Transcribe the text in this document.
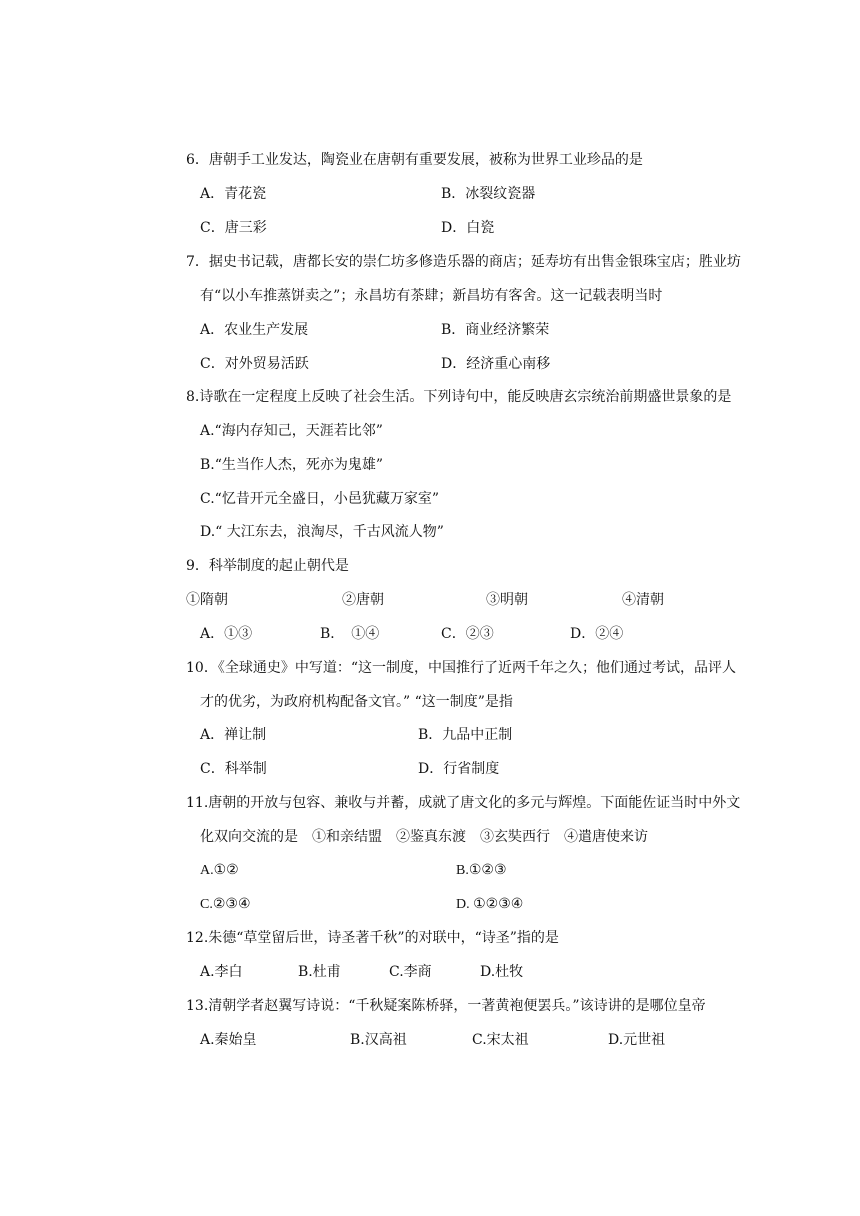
6．唐朝手工业发达，陶瓷业在唐朝有重要发展，被称为世界工业珍品的是
A．青花瓷	B．冰裂纹瓷器
C．唐三彩	D．白瓷
7．据史书记载，唐都长安的崇仁坊多修造乐器的商店；延寿坊有出售金银珠宝店；胜业坊
有“以小车推蒸饼卖之”；永昌坊有茶肆；新昌坊有客舍。这一记载表明当时
A．农业生产发展	B．商业经济繁荣
C．对外贸易活跃	D．经济重心南移
8.诗歌在一定程度上反映了社会生活。下列诗句中，能反映唐玄宗统治前期盛世景象的是
A.“海内存知己，天涯若比邻”
B.“生当作人杰，死亦为鬼雄”
C.“忆昔开元全盛日，小邑犹藏万家室”
D.“ 大江东去，浪淘尽，千古风流人物”
9．科举制度的起止朝代是
①隋朝	②唐朝	③明朝	④清朝
A．①③	B．　①④	C．②③	D．②④
10．《全球通史》中写道：“这一制度，中国推行了近两千年之久；他们通过考试，品评人
才的优劣，为政府机构配备文官。” “这一制度”是指
A．禅让制	B．九品中正制
C．科举制	D．行省制度
11.唐朝的开放与包容、兼收与并蓄，成就了唐文化的多元与辉煌。下面能佐证当时中外文
化双向交流的是　①和亲结盟　②鉴真东渡　③玄奘西行　④遣唐使来访
A.①②	B.①②③
C.②③④	D. ①②③④
12.朱德“草堂留后世，诗圣著千秋”的对联中，“诗圣”指的是
A.李白	B.杜甫	C.李商	D.杜牧
13.清朝学者赵翼写诗说：“千秋疑案陈桥驿，一著黄袍便罢兵。”该诗讲的是哪位皇帝
A.秦始皇	B.汉高祖	C.宋太祖	D.元世祖
